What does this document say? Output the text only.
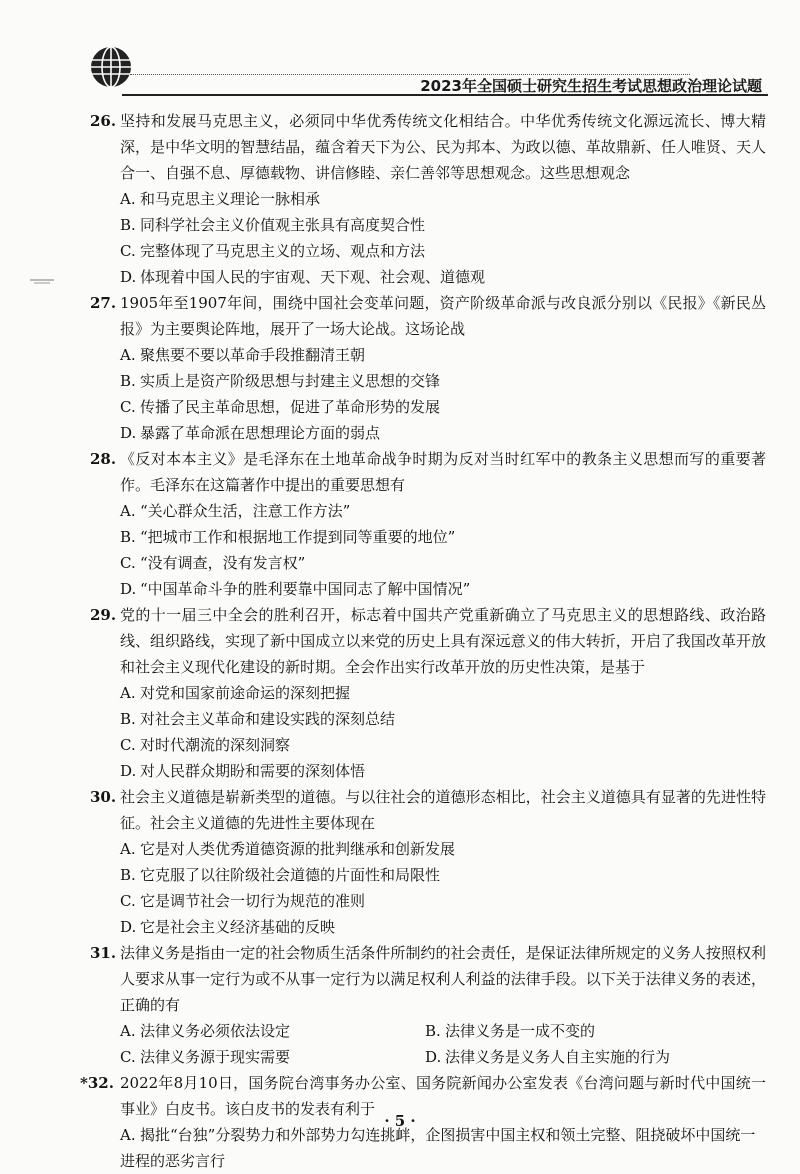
2023年全国硕士研究生招生考试思想政治理论试题
26. 坚持和发展马克思主义，必须同中华优秀传统文化相结合。中华优秀传统文化源远流长、博大精深，是中华文明的智慧结晶，蕴含着天下为公、民为邦本、为政以德、革故鼎新、任人唯贤、天人合一、自强不息、厚德载物、讲信修睦、亲仁善邻等思想观念。这些思想观念
A. 和马克思主义理论一脉相承
B. 同科学社会主义价值观主张具有高度契合性
C. 完整体现了马克思主义的立场、观点和方法
D. 体现着中国人民的宇宙观、天下观、社会观、道德观
27. 1905年至1907年间，围绕中国社会变革问题，资产阶级革命派与改良派分别以《民报》《新民丛报》为主要舆论阵地，展开了一场大论战。这场论战
A. 聚焦要不要以革命手段推翻清王朝
B. 实质上是资产阶级思想与封建主义思想的交锋
C. 传播了民主革命思想，促进了革命形势的发展
D. 暴露了革命派在思想理论方面的弱点
28. 《反对本本主义》是毛泽东在土地革命战争时期为反对当时红军中的教条主义思想而写的重要著作。毛泽东在这篇著作中提出的重要思想有
A. “关心群众生活，注意工作方法”
B. “把城市工作和根据地工作提到同等重要的地位”
C. “没有调查，没有发言权”
D. “中国革命斗争的胜利要靠中国同志了解中国情况”
29. 党的十一届三中全会的胜利召开，标志着中国共产党重新确立了马克思主义的思想路线、政治路线、组织路线，实现了新中国成立以来党的历史上具有深远意义的伟大转折，开启了我国改革开放和社会主义现代化建设的新时期。全会作出实行改革开放的历史性决策，是基于
A. 对党和国家前途命运的深刻把握
B. 对社会主义革命和建设实践的深刻总结
C. 对时代潮流的深刻洞察
D. 对人民群众期盼和需要的深刻体悟
30. 社会主义道德是崭新类型的道德。与以往社会的道德形态相比，社会主义道德具有显著的先进性特征。社会主义道德的先进性主要体现在
A. 它是对人类优秀道德资源的批判继承和创新发展
B. 它克服了以往阶级社会道德的片面性和局限性
C. 它是调节社会一切行为规范的准则
D. 它是社会主义经济基础的反映
31. 法律义务是指由一定的社会物质生活条件所制约的社会责任，是保证法律所规定的义务人按照权利人要求从事一定行为或不从事一定行为以满足权利人利益的法律手段。以下关于法律义务的表述，正确的有
A. 法律义务必须依法设定	B. 法律义务是一成不变的
C. 法律义务源于现实需要	D. 法律义务是义务人自主实施的行为
*32. 2022年8月10日，国务院台湾事务办公室、国务院新闻办公室发表《台湾问题与新时代中国统一事业》白皮书。该白皮书的发表有利于
A. 揭批“台独”分裂势力和外部势力勾连挑衅，企图损害中国主权和领土完整、阻挠破坏中国统一进程的恶劣言行
· 5 ·
